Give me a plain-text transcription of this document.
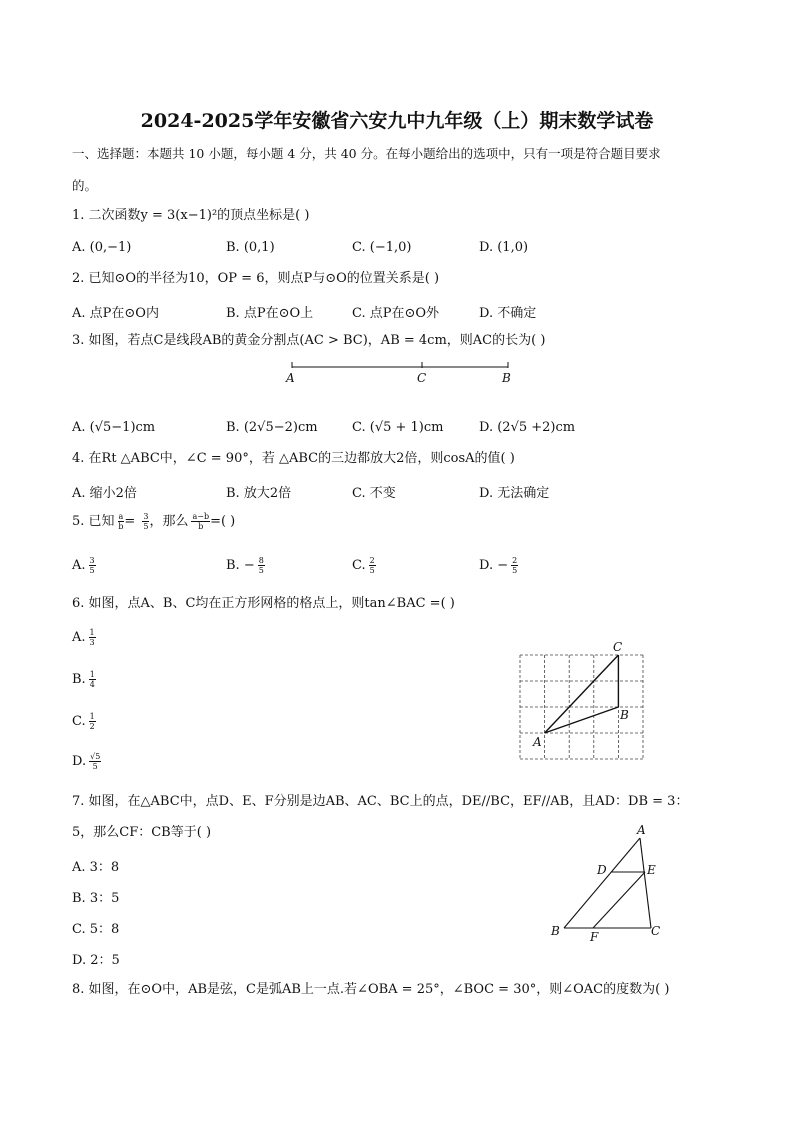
2024-2025学年安徽省六安九中九年级（上）期末数学试卷
一、选择题：本题共 10 小题，每小题 4 分，共 40 分。在每小题给出的选项中，只有一项是符合题目要求
的。
1. 二次函数y = 3(x−1)²的顶点坐标是( )
A. (0,−1)	B. (0,1)	C. (−1,0)	D. (1,0)
2. 已知⊙O的半径为10，OP = 6，则点P与⊙O的位置关系是( )
A. 点P在⊙O内	B. 点P在⊙O上	C. 点P在⊙O外	D. 不确定
3. 如图，若点C是线段AB的黄金分割点(AC > BC)，AB = 4cm，则AC的长为( )
A	C	B
A. (√5−1)cm	B. (2√5−2)cm	C. (√5 + 1)cm	D. (2√5 +2)cm
4. 在Rt △ABC中，∠C = 90°，若 △ABC的三边都放大2倍，则cosA的值( )
A. 缩小2倍	B. 放大2倍	C. 不变	D. 无法确定
5. 已知 $\frac{a}{b} = \frac{3}{5}$ ，那么 $\frac{a-b}{b}$ =( )
A. $\frac{3}{5}$	B. − $\frac{8}{5}$	C. $\frac{2}{5}$	D. − $\frac{2}{5}$
6. 如图，点A、B、C均在正方形网格的格点上，则tan∠BAC =( )
A. $\frac{1}{3}$
B. $\frac{1}{4}$
C. $\frac{1}{2}$
D. $\frac{√5}{5}$
C
B
A
7. 如图，在△ABC中，点D、E、F分别是边AB、AC、BC上的点，DE//BC，EF//AB，且AD：DB = 3：
5，那么CF：CB等于( )
A. 3：8
B. 3：5
C. 5：8
D. 2：5
A
D	E
B	F	C
8. 如图，在⊙O中，AB是弦，C是弧AB上一点.若∠OBA = 25°，∠BOC = 30°，则∠OAC的度数为( )
